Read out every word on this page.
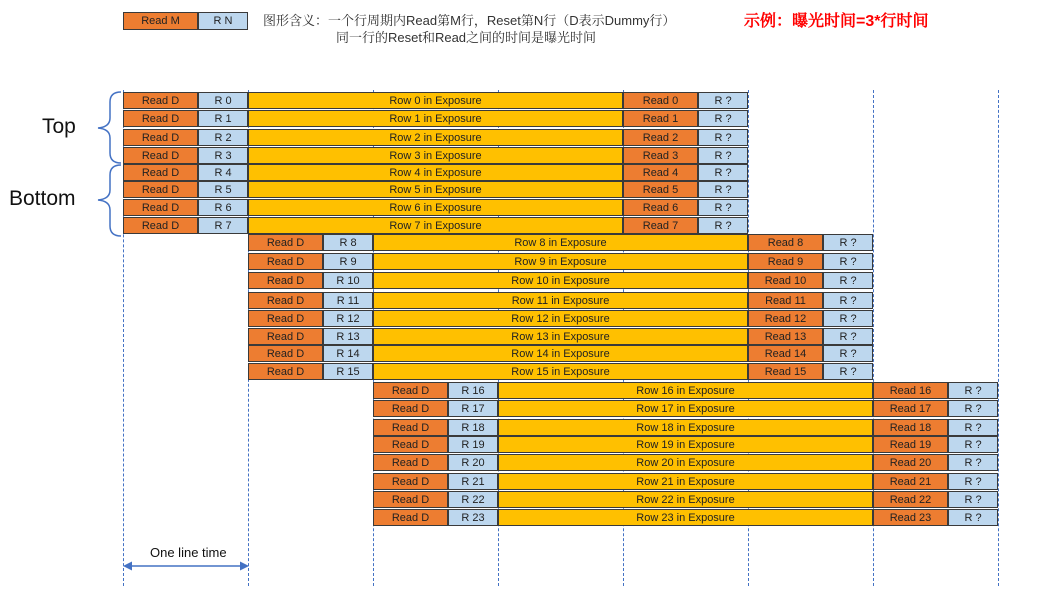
Read M	R N	图形含义：一个行周期内Read第M行，Reset第N行（D表示Dummy行）
同一行的Reset和Read之间的时间是曝光时间
示例：曝光时间=3*行时间
Top
Bottom
Read D	R 0	Row 0 in Exposure	Read 0	R ?
Read D	R 1	Row 1 in Exposure	Read 1	R ?
Read D	R 2	Row 2 in Exposure	Read 2	R ?
Read D	R 3	Row 3 in Exposure	Read 3	R ?
Read D	R 4	Row 4 in Exposure	Read 4	R ?
Read D	R 5	Row 5 in Exposure	Read 5	R ?
Read D	R 6	Row 6 in Exposure	Read 6	R ?
Read D	R 7	Row 7 in Exposure	Read 7	R ?
Read D	R 8	Row 8 in Exposure	Read 8	R ?
Read D	R 9	Row 9 in Exposure	Read 9	R ?
Read D	R 10	Row 10 in Exposure	Read 10	R ?
Read D	R 11	Row 11 in Exposure	Read 11	R ?
Read D	R 12	Row 12 in Exposure	Read 12	R ?
Read D	R 13	Row 13 in Exposure	Read 13	R ?
Read D	R 14	Row 14 in Exposure	Read 14	R ?
Read D	R 15	Row 15 in Exposure	Read 15	R ?
Read D	R 16	Row 16 in Exposure	Read 16	R ?
Read D	R 17	Row 17 in Exposure	Read 17	R ?
Read D	R 18	Row 18 in Exposure	Read 18	R ?
Read D	R 19	Row 19 in Exposure	Read 19	R ?
Read D	R 20	Row 20 in Exposure	Read 20	R ?
Read D	R 21	Row 21 in Exposure	Read 21	R ?
Read D	R 22	Row 22 in Exposure	Read 22	R ?
Read D	R 23	Row 23 in Exposure	Read 23	R ?
One line time
